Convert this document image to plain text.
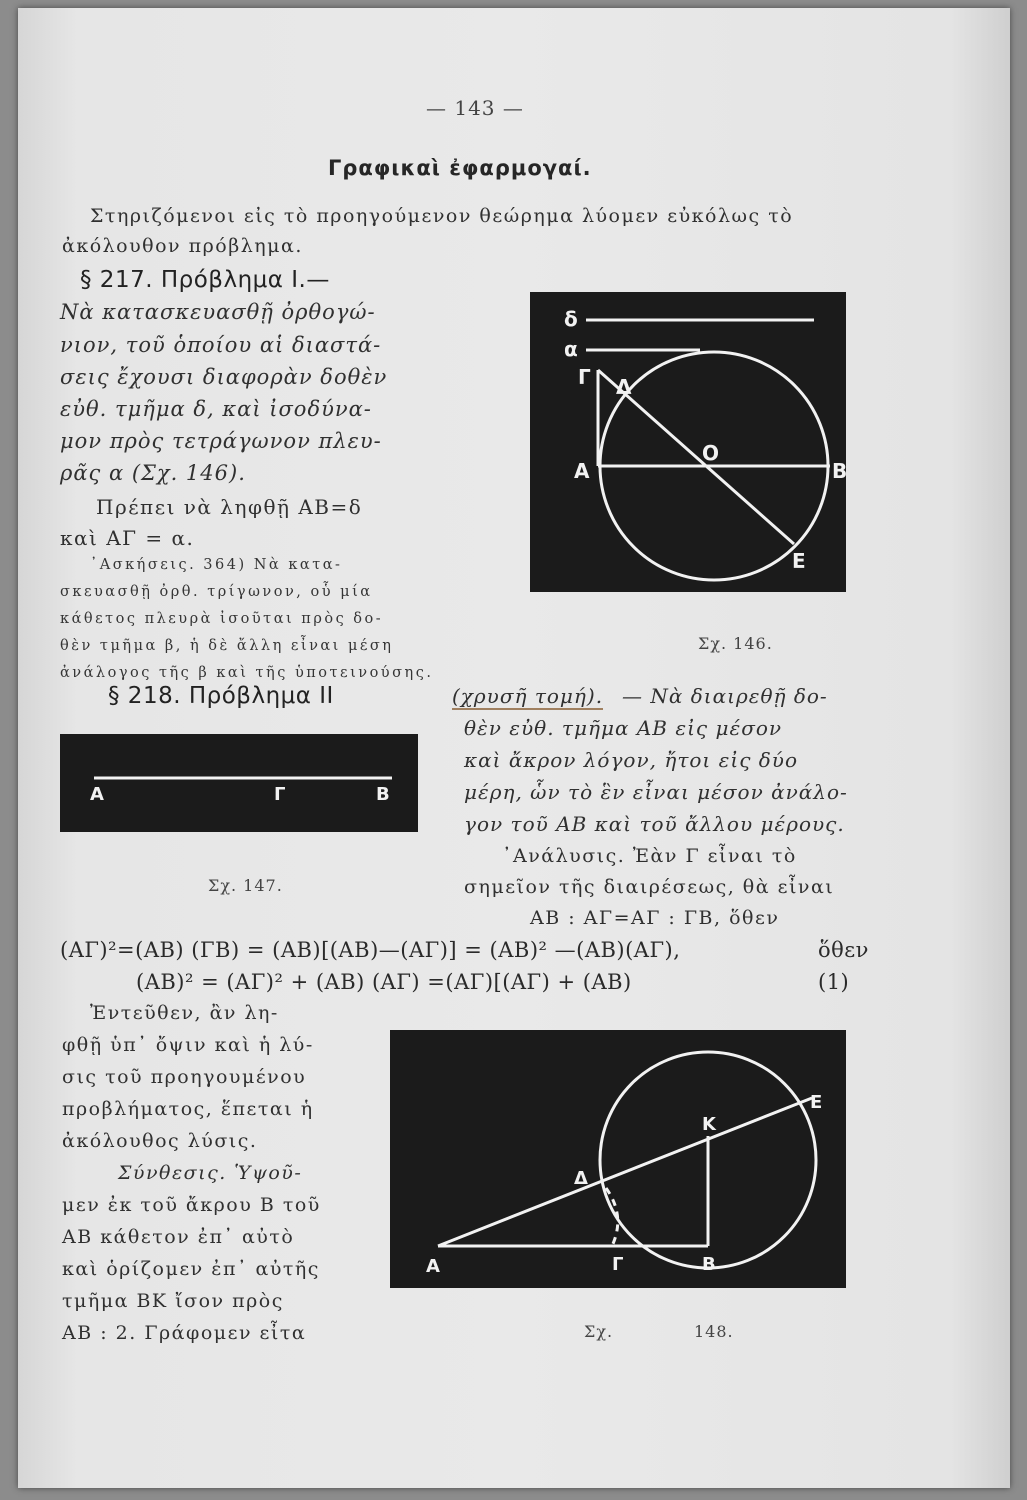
— 143 —
Γραφικαὶ ἐφαρμογαί.
Στηριζόμενοι εἰς τὸ προηγούμενον θεώρημα λύομεν εὐκόλως τὸ
ἀκόλουθον πρόβλημα.
§ 217. Πρόβλημα Ι.—
Νὰ κατασκευασθῇ ὀρθογώ-
νιον, τοῦ ὁποίου αἱ διαστά-
σεις ἔχουσι διαφορὰν δοθὲν
εὐθ. τμῆμα δ, καὶ ἰσοδύνα-
μον πρὸς τετράγωνον πλευ-
ρᾶς α (Σχ. 146).
Πρέπει νὰ ληφθῇ ΑΒ=δ
καὶ ΑΓ = α.
᾿Ασκήσεις. 364) Νὰ κατα-
σκευασθῇ ὀρθ. τρίγωνον, οὗ μία
κάθετος πλευρὰ ἰσοῦται πρὸς δο-
θὲν τμῆμα β, ἡ δὲ ἄλλη εἶναι μέση
ἀνάλογος τῆς β καὶ τῆς ὑποτεινούσης.
δ
α
Γ Δ
Α
Ο
Β
Ε
Σχ. 146.
§ 218. Πρόβλημα ΙΙ	(χρυσῆ τομή). — Νὰ διαιρεθῇ δο-
θὲν εὐθ. τμῆμα ΑΒ εἰς μέσον
καὶ ἄκρον λόγον, ἤτοι εἰς δύο
μέρη, ὧν τὸ ἓν εἶναι μέσον ἀνάλο-
γον τοῦ ΑΒ καὶ τοῦ ἄλλου μέρους.
᾿Ανάλυσις. Ἐὰν Γ εἶναι τὸ
σημεῖον τῆς διαιρέσεως, θὰ εἶναι
ΑΒ : ΑΓ=ΑΓ : ΓΒ, ὅθεν
Α	Γ	Β
Σχ. 147.
(ΑΓ)²=(ΑΒ) (ΓΒ) = (ΑΒ)[(ΑΒ)—(ΑΓ)] = (ΑΒ)² —(ΑΒ)(ΑΓ),	ὅθεν
(ΑΒ)² = (ΑΓ)² + (ΑΒ) (ΑΓ) =(ΑΓ)[(ΑΓ) + (ΑΒ)	(1)
Ἐντεῦθεν, ἂν λη-
φθῇ ὑπ᾿ ὄψιν καὶ ἡ λύ-
σις τοῦ προηγουμένου
προβλήματος, ἕπεται ἡ
ἀκόλουθος λύσις.
Σύνθεσις. Ὑψοῦ-
μεν ἐκ τοῦ ἄκρου Β τοῦ
ΑΒ κάθετον ἐπ᾿ αὐτὸ
καὶ ὁρίζομεν ἐπ᾿ αὐτῆς
τμῆμα ΒΚ ἴσον πρὸς
ΑΒ : 2. Γράφομεν εἶτα
Α
Δ
Κ
Ε
Γ	Β
Σχ.	148.
